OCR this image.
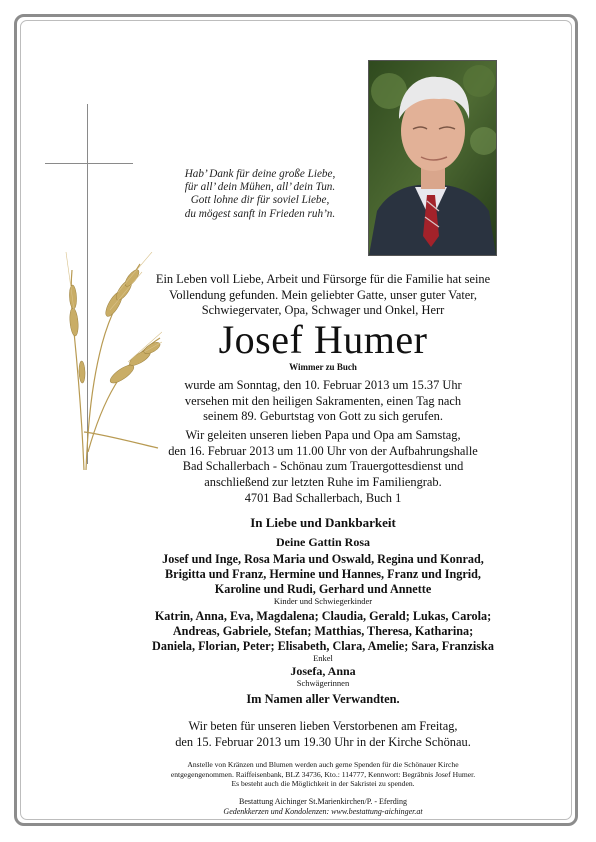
Hab’ Dank für deine große Liebe,
für all’ dein Mühen, all’ dein Tun.
Gott lohne dir für soviel Liebe,
du mögest sanft in Frieden ruh’n.
Ein Leben voll Liebe, Arbeit und Fürsorge für die Familie hat seine
Vollendung gefunden. Mein geliebter Gatte, unser guter Vater,
Schwiegervater, Opa, Schwager und Onkel, Herr
Josef Humer
Wimmer zu Buch
wurde am Sonntag, den 10. Februar 2013 um 15.37 Uhr
versehen mit den heiligen Sakramenten, einen Tag nach
seinem 89. Geburtstag von Gott zu sich gerufen.
Wir geleiten unseren lieben Papa und Opa am Samstag,
den 16. Februar 2013 um 11.00 Uhr von der Aufbahrungshalle
Bad Schallerbach - Schönau zum Trauergottesdienst und
anschließend zur letzten Ruhe im Familiengrab.
4701 Bad Schallerbach, Buch 1
In Liebe und Dankbarkeit
Deine Gattin Rosa
Josef und Inge, Rosa Maria und Oswald, Regina und Konrad,
Brigitta und Franz, Hermine und Hannes, Franz und Ingrid,
Karoline und Rudi, Gerhard und Annette
Kinder und Schwiegerkinder
Katrin, Anna, Eva, Magdalena; Claudia, Gerald; Lukas, Carola;
Andreas, Gabriele, Stefan; Matthias, Theresa, Katharina;
Daniela, Florian, Peter; Elisabeth, Clara, Amelie; Sara, Franziska
Enkel
Josefa, Anna
Schwägerinnen
Im Namen aller Verwandten.
Wir beten für unseren lieben Verstorbenen am Freitag,
den 15. Februar 2013 um 19.30 Uhr in der Kirche Schönau.
Anstelle von Kränzen und Blumen werden auch gerne Spenden für die Schönauer Kirche
entgegengenommen. Raiffeisenbank, BLZ 34736, Kto.: 114777, Kennwort: Begräbnis Josef Humer.
Es besteht auch die Möglichkeit in der Sakristei zu spenden.
Bestattung Aichinger St.Marienkirchen/P. - Eferding
Gedenkkerzen und Kondolenzen: www.bestattung-aichinger.at
